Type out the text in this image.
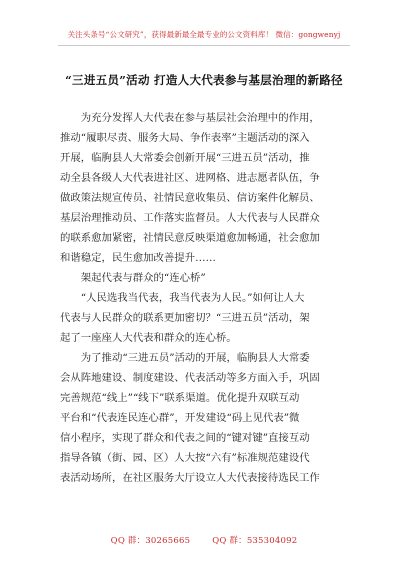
关注头条号“公文研究”，获得最新最全最专业的公文资料库！ 微信：gongwenyj
“三进五员”活动 打造人大代表参与基层治理的新路径
　　为充分发挥人大代表在参与基层社会治理中的作用，
推动“履职尽责、服务大局、争作表率”主题活动的深入
开展，临朐县人大常委会创新开展“三进五员”活动，推
动全县各级人大代表进社区、进网格、进志愿者队伍，争
做政策法规宣传员、社情民意收集员、信访案件化解员、
基层治理推动员、工作落实监督员。人大代表与人民群众
的联系愈加紧密，社情民意反映渠道愈加畅通，社会愈加
和谐稳定，民生愈加改善提升……
　　架起代表与群众的“连心桥”
　　“人民选我当代表，我当代表为人民。”如何让人大
代表与人民群众的联系更加密切？“三进五员”活动，架
起了一座座人大代表和群众的连心桥。
　　为了推动“三进五员”活动的开展，临朐县人大常委
会从阵地建设、制度建设、代表活动等多方面入手，巩固
完善规范“线上”“线下”联系渠道。优化提升双联互动
平台和“代表连民连心群”，开发建设“码上见代表”微
信小程序，实现了群众和代表之间的“键对键”直接互动
指导各镇（街、园、区）人大按“六有”标准规范建设代
表活动场所，在社区服务大厅设立人大代表接待选民工作
QQ 群：30265665	QQ 群：535304092
